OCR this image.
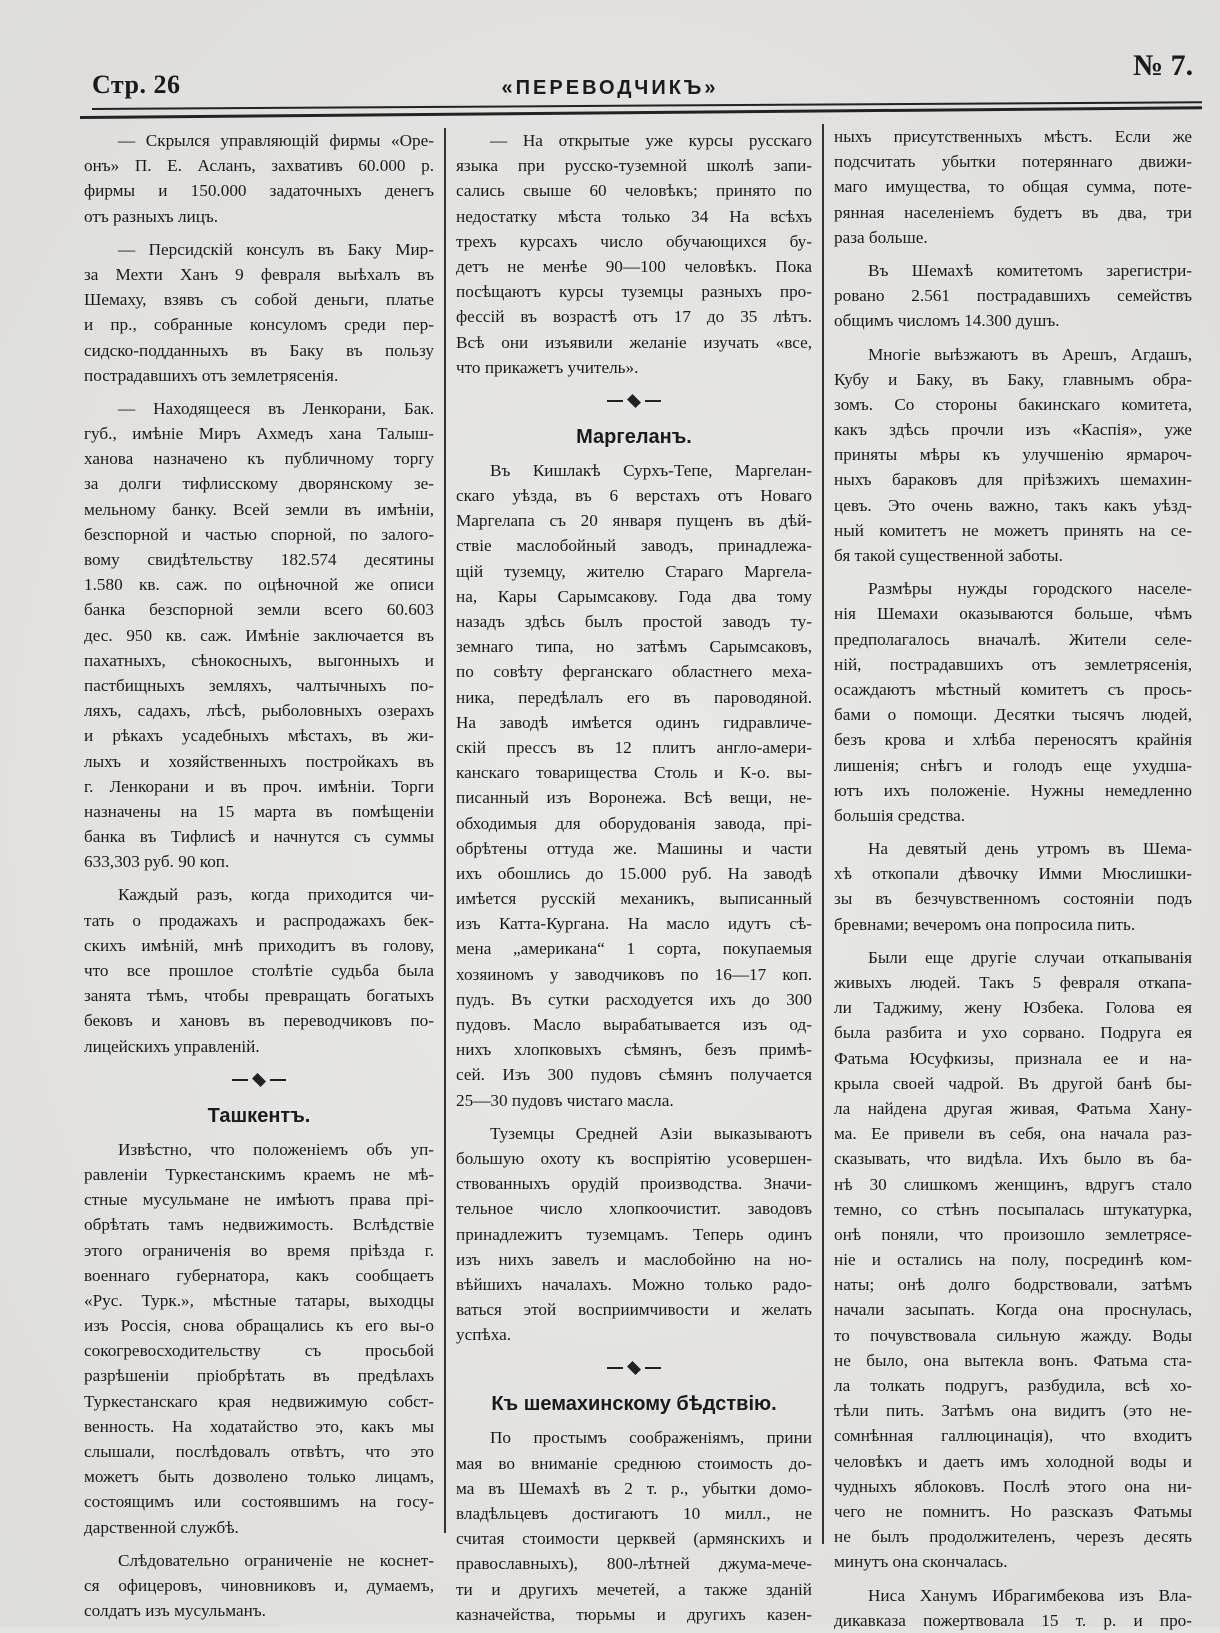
Стр. 26	«ПЕРЕВОДЧИКЪ»
№ 7.
— Скрылся управляющій фирмы «Оре-
онъ» П. Е. Асланъ, захвативъ 60.000 р.
фирмы и 150.000 задаточныхъ денегъ
отъ разныхъ лицъ.
— Персидскій консулъ въ Баку Мир-
за Мехти Ханъ 9 февраля выѣхалъ въ
Шемаху, взявъ съ собой деньги, платье
и пр., собранные консуломъ среди пер-
сидско-подданныхъ въ Баку въ пользу
пострадавшихъ отъ землетрясенія.
— Находящееся въ Ленкорани, Бак.
губ., имѣніе Миръ Ахмедъ хана Талыш-
ханова назначено къ публичному торгу
за долги тифлисскому дворянскому зе-
мельному банку. Всей земли въ имѣніи,
безспорной и частью спорной, по залого-
вому свидѣтельству 182.574 десятины
1.580 кв. саж. по оцѣночной же описи
банка безспорной земли всего 60.603
дес. 950 кв. саж. Имѣніе заключается въ
пахатныхъ, сѣнокосныхъ, выгонныхъ и
пастбищныхъ земляхъ, чалтычныхъ по-
ляхъ, садахъ, лѣсѣ, рыболовныхъ озерахъ
и рѣкахъ усадебныхъ мѣстахъ, въ жи-
лыхъ и хозяйственныхъ постройкахъ въ
г. Ленкорани и въ проч. имѣніи. Торги
назначены на 15 марта въ помѣщеніи
банка въ Тифлисѣ и начнутся съ суммы
633,303 руб. 90 коп.
Каждый разъ, когда приходится чи-
тать о продажахъ и распродажахъ бек-
скихъ имѣній, мнѣ приходитъ въ голову,
что все прошлое столѣтіе судьба была
занята тѣмъ, чтобы превращать богатыхъ
бековъ и хановъ въ переводчиковъ по-
лицейскихъ управленій.
Ташкентъ.
Извѣстно, что положеніемъ объ уп-
равленіи Туркестанскимъ краемъ не мѣ-
стные мусульмане не имѣютъ права прі-
обрѣтать тамъ недвижимость. Вслѣдствіе
этого ограниченія во время пріѣзда г.
военнаго губернатора, какъ сообщаетъ
«Рус. Турк.», мѣстные татары, выходцы
изъ Россія, снова обращались къ его вы-о
сокогревосходительству съ просьбой
разрѣшеніи пріобрѣтать въ предѣлахъ
Туркестанскаго края недвижимую собст-
венность. На ходатайство это, какъ мы
слышали, послѣдовалъ отвѣтъ, что это
можетъ быть дозволено только лицамъ,
состоящимъ или состоявшимъ на госу-
дарственной службѣ.
Слѣдовательно ограниченіе не коснет-
ся офицеровъ, чиновниковъ и, думаемъ,
солдатъ изъ мусульманъ.
— На открытые уже курсы русскаго
языка при русско-туземной школѣ запи-
сались свыше 60 человѣкъ; принято по
недостатку мѣста только 34 На всѣхъ
трехъ курсахъ число обучающихся бу-
детъ не менѣе 90—100 человѣкъ. Пока
посѣщаютъ курсы туземцы разныхъ про-
фессій въ возрастѣ отъ 17 до 35 лѣтъ.
Всѣ они изъявили желаніе изучать «все,
что прикажетъ учитель».
Маргеланъ.
Въ Кишлакѣ Сурхъ-Тепе, Маргелан-
скаго уѣзда, въ 6 верстахъ отъ Новаго
Маргелапа съ 20 января пущенъ въ дѣй-
ствіе маслобойный заводъ, принадлежа-
щій туземцу, жителю Стараго Маргела-
на, Кары Сарымсакову. Года два тому
назадъ здѣсь былъ простой заводъ ту-
земнаго типа, но затѣмъ Сарымсаковъ,
по совѣту ферганскаго областнего меха-
ника, передѣлалъ его въ пароводяной.
На заводѣ имѣется одинъ гидравличе-
скій прессъ въ 12 плитъ англо-амери-
канскаго товарищества Столь и К-о. вы-
писанный изъ Воронежа. Всѣ вещи, не-
обходимыя для оборудованія завода, прі-
обрѣтены оттуда же. Машины и части
ихъ обошлись до 15.000 руб. На заводѣ
имѣется русскій механикъ, выписанный
изъ Катта-Кургана. На масло идутъ сѣ-
мена „американа“ 1 сорта, покупаемыя
хозяиномъ у заводчиковъ по 16—17 коп.
пудъ. Въ сутки расходуется ихъ до 300
пудовъ. Масло вырабатывается изъ од-
нихъ хлопковыхъ сѣмянъ, безъ примѣ-
сей. Изъ 300 пудовъ сѣмянъ получается
25—30 пудовъ чистаго масла.
Туземцы Средней Азіи выказываютъ
большую охоту къ воспріятію усовершен-
ствованныхъ орудій производства. Значи-
тельное число хлопкоочистит. заводовъ
принадлежитъ туземцамъ. Теперь одинъ
изъ нихъ завелъ и маслобойню на но-
вѣйшихъ началахъ. Можно только радо-
ваться этой восприимчивости и желать
успѣха.
Къ шемахинскому бѣдствію.
По простымъ соображеніямъ, прини
мая во вниманіе среднюю стоимость до-
ма въ Шемахѣ въ 2 т. р., убытки домо-
владѣльцевъ достигаютъ 10 милл., не
считая стоимости церквей (армянскихъ и
православныхъ), 800-лѣтней джума-мече-
ти и другихъ мечетей, а также зданій
казначейства, тюрьмы и другихъ казен-
ныхъ присутственныхъ мѣстъ. Если же
подсчитать убытки потеряннаго движи-
маго имущества, то общая сумма, поте-
рянная населеніемъ будетъ въ два, три
раза больше.
Въ Шемахѣ комитетомъ зарегистри-
ровано 2.561 пострадавшихъ семействъ
общимъ числомъ 14.300 душъ.
Многіе выѣзжаютъ въ Арешъ, Агдашъ,
Кубу и Баку, въ Баку, главнымъ обра-
зомъ. Со стороны бакинскаго комитета,
какъ здѣсь прочли изъ «Каспія», уже
приняты мѣры къ улучшенію ярмароч-
ныхъ бараковъ для пріѣзжихъ шемахин-
цевъ. Это очень важно, такъ какъ уѣзд-
ный комитетъ не можетъ принять на се-
бя такой существенной заботы.
Размѣры нужды городского населе-
нія Шемахи оказываются больше, чѣмъ
предполагалось вначалѣ. Жители селе-
ній, пострадавшихъ отъ землетрясенія,
осаждаютъ мѣстный комитетъ съ прось-
бами о помощи. Десятки тысячъ людей,
безъ крова и хлѣба переносятъ крайнія
лишенія; снѣгъ и голодъ еще ухудша-
ютъ ихъ положеніе. Нужны немедленно
большія средства.
На девятый день утромъ въ Шема-
хѣ откопали дѣвочку Имми Мюслишки-
зы въ безчувственномъ состояніи подъ
бревнами; вечеромъ она попросила пить.
Были еще другіе случаи откапыванія
живыхъ людей. Такъ 5 февраля откапа-
ли Таджиму, жену Юзбека. Голова ея
была разбита и ухо сорвано. Подруга ея
Фатьма Юсуфкизы, признала ее и на-
крыла своей чадрой. Въ другой банѣ бы-
ла найдена другая живая, Фатьма Хану-
ма. Ее привели въ себя, она начала раз-
сказывать, что видѣла. Ихъ было въ ба-
нѣ 30 слишкомъ женщинъ, вдругъ стало
темно, со стѣнъ посыпалась штукатурка,
онѣ поняли, что произошло землетрясе-
ніе и остались на полу, посрединѣ ком-
наты; онѣ долго бодрствовали, затѣмъ
начали засыпать. Когда она проснулась,
то почувствовала сильную жажду. Воды
не было, она вытекла вонъ. Фатьма ста-
ла толкать подругъ, разбудила, всѣ хо-
тѣли пить. Затѣмъ она видитъ (это не-
сомнѣнная галлюцинація), что входитъ
человѣкъ и даетъ имъ холодной воды и
чудныхъ яблоковъ. Послѣ этого она ни-
чего не помнитъ. Но разсказъ Фатьмы
не былъ продолжителенъ, черезъ десять
минутъ она скончалась.
Ниса Ханумъ Ибрагимбекова изъ Вла-
дикавказа пожертвовала 15 т. р. и про-
